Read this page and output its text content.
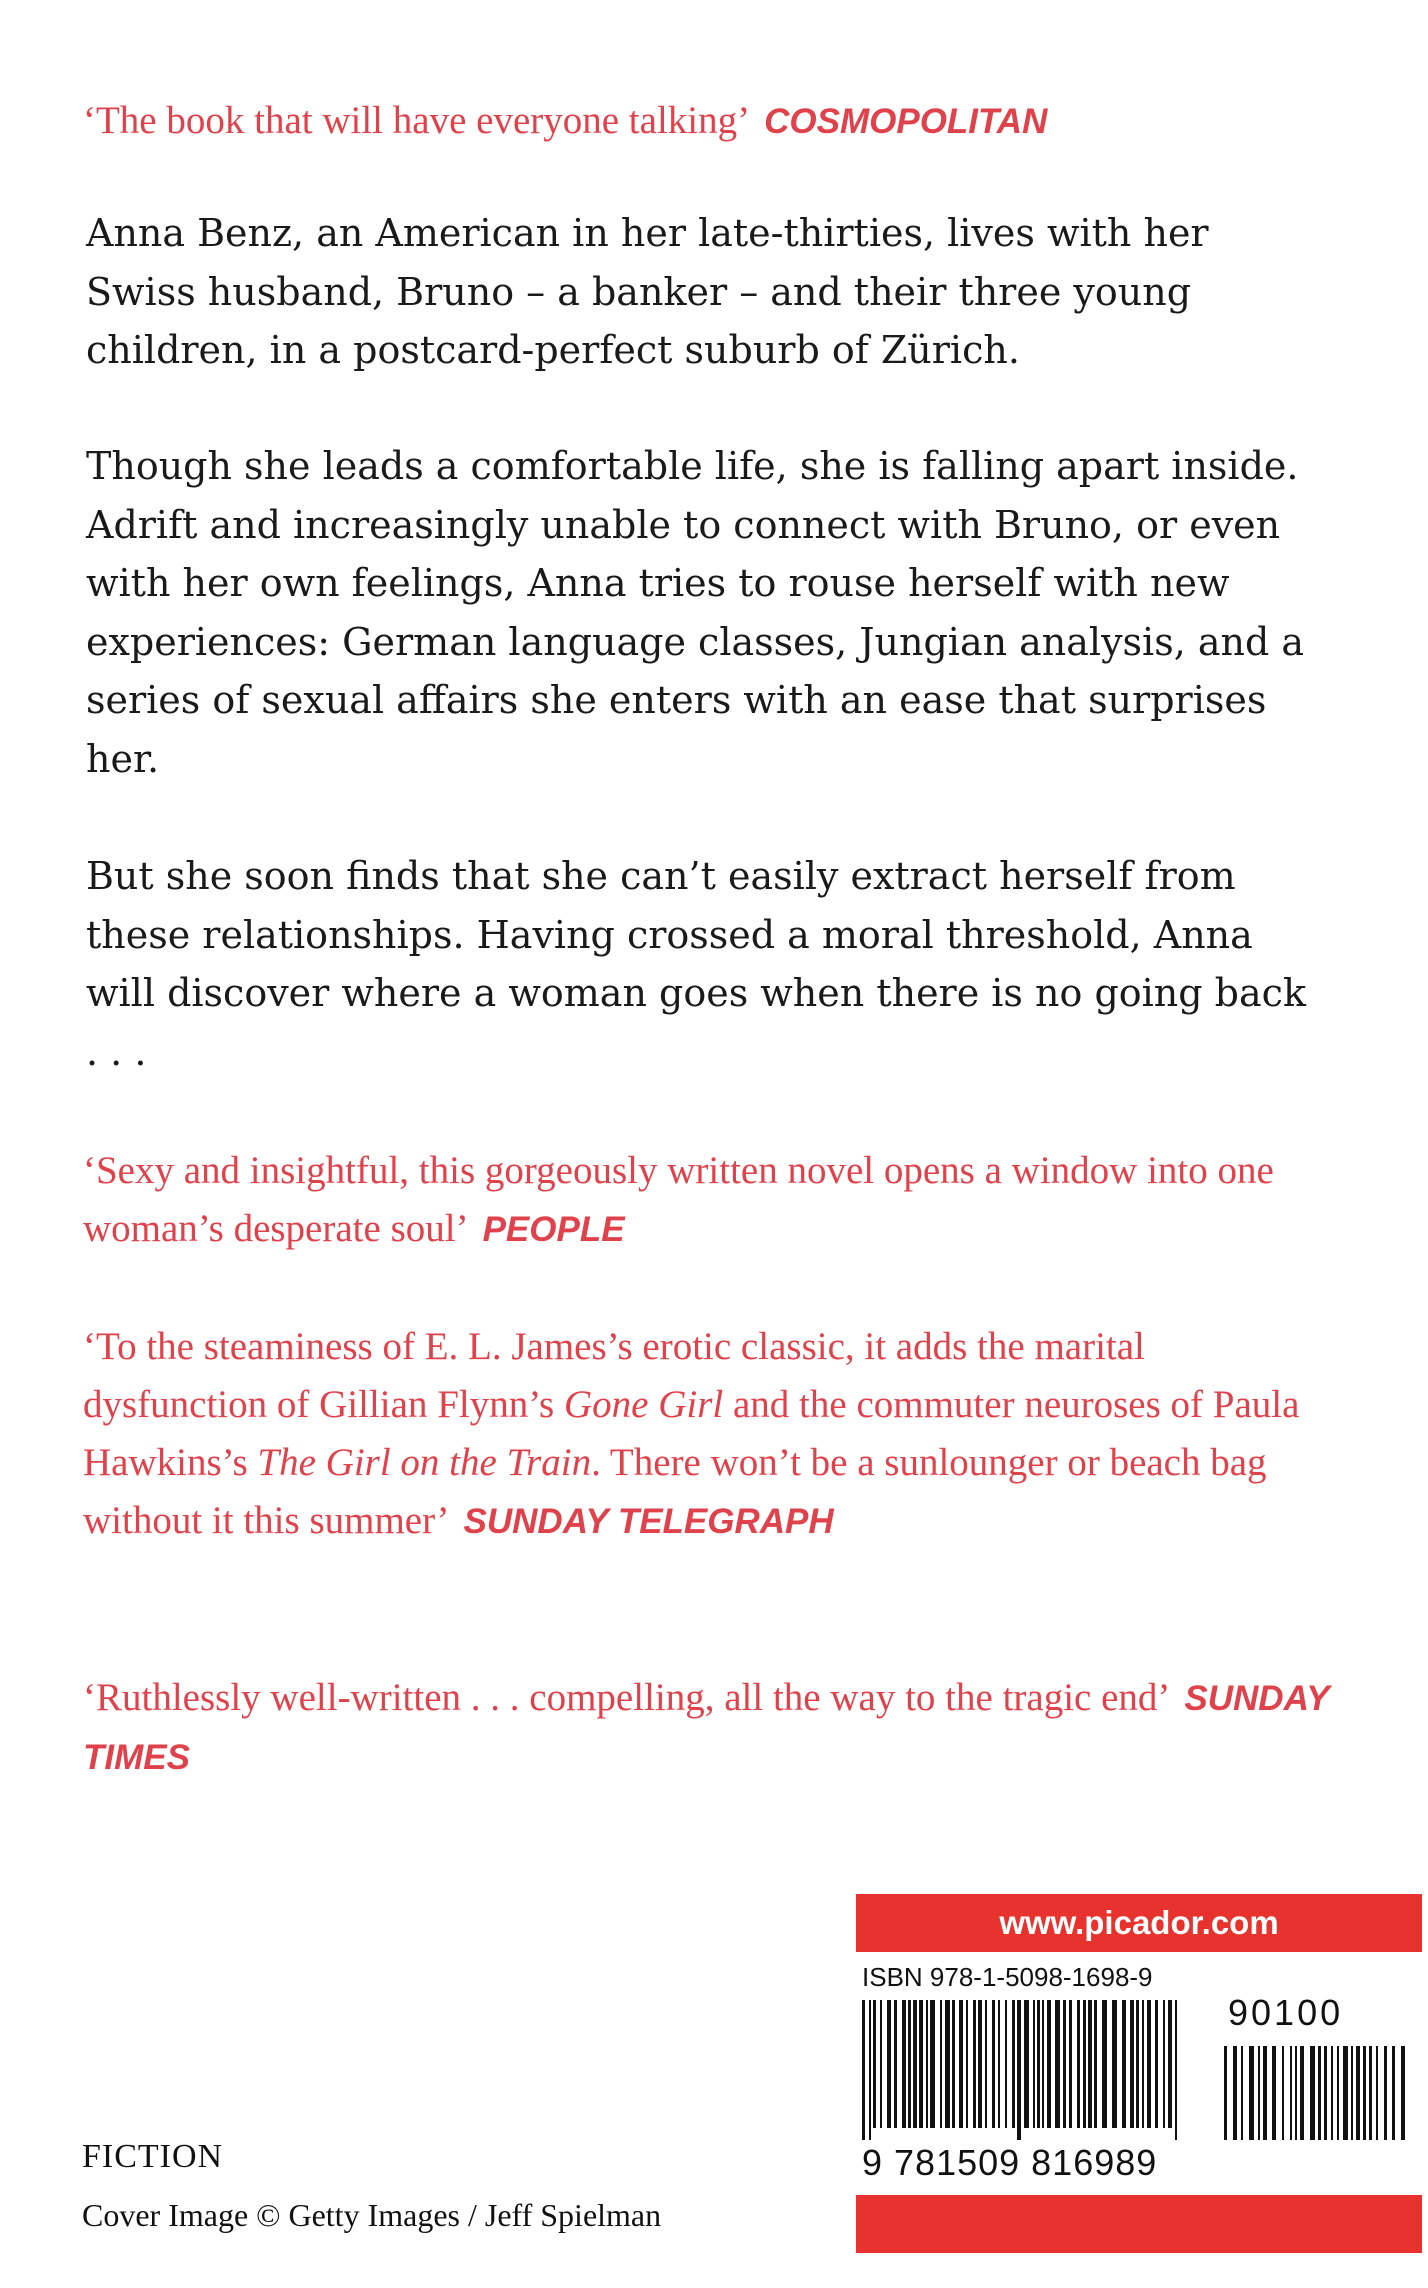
‘The book that will have everyone talking’ COSMOPOLITAN
Anna Benz, an American in her late-thirties, lives with her Swiss husband, Bruno – a banker – and their three young children, in a postcard-perfect suburb of Zürich.
Though she leads a comfortable life, she is falling apart inside. Adrift and increasingly unable to connect with Bruno, or even with her own feelings, Anna tries to rouse herself with new experiences: German language classes, Jungian analysis, and a series of sexual affairs she enters with an ease that surprises her.
But she soon finds that she can’t easily extract herself from these relationships. Having crossed a moral threshold, Anna will discover where a woman goes when there is no going back . . .
‘Sexy and insightful, this gorgeously written novel opens a window into one woman’s desperate soul’ PEOPLE
‘To the steaminess of E. L. James’s erotic classic, it adds the marital dysfunction of Gillian Flynn’s Gone Girl and the commuter neuroses of Paula Hawkins’s The Girl on the Train. There won’t be a sunlounger or beach bag without it this summer’ SUNDAY TELEGRAPH
‘Ruthlessly well-written . . . compelling, all the way to the tragic end’ SUNDAY TIMES
FICTION
Cover Image © Getty Images / Jeff Spielman
www.picador.com
ISBN 978-1-5098-1698-9
90100
9 781509 816989
